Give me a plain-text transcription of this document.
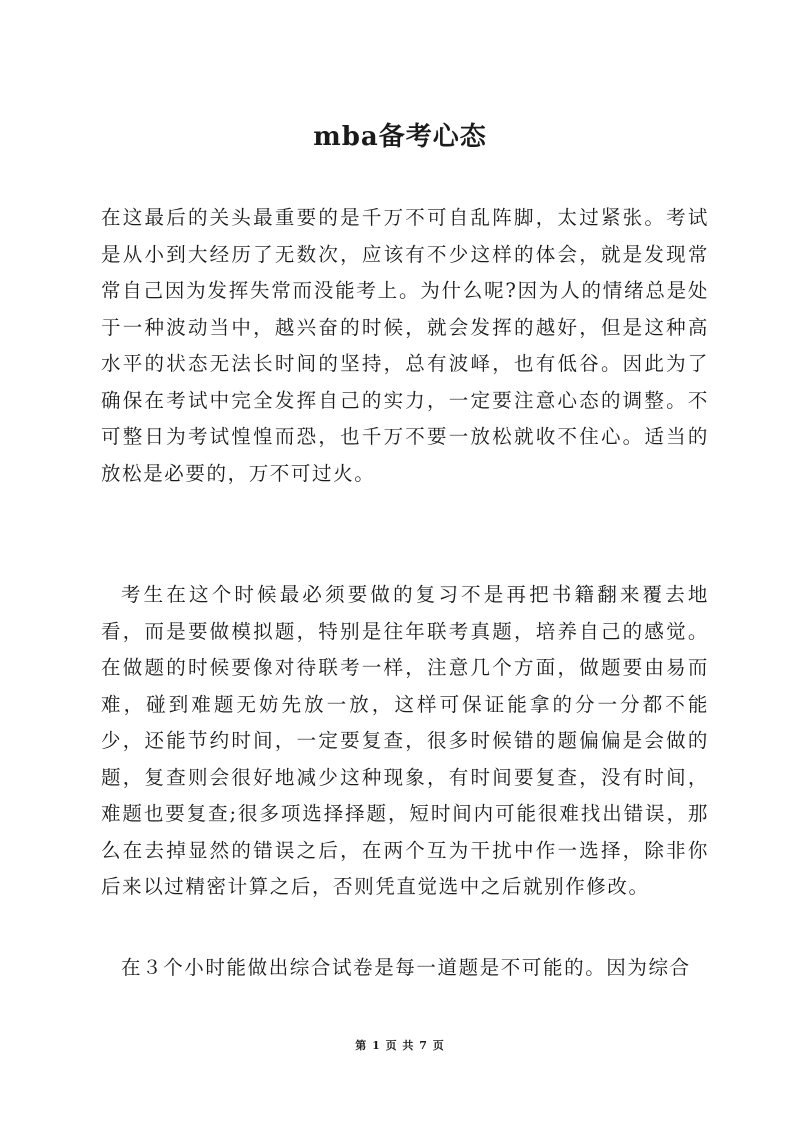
mba备考心态

在这最后的关头最重要的是千万不可自乱阵脚，太过紧张。考试是从小到大经历了无数次，应该有不少这样的体会，就是发现常常自己因为发挥失常而没能考上。为什么呢?因为人的情绪总是处于一种波动当中，越兴奋的时候，就会发挥的越好，但是这种高水平的状态无法长时间的坚持，总有波峄，也有低谷。因此为了确保在考试中完全发挥自己的实力，一定要注意心态的调整。不可整日为考试惶惶而恐，也千万不要一放松就收不住心。适当的放松是必要的，万不可过火。

考生在这个时候最必须要做的复习不是再把书籍翻来覆去地看，而是要做模拟题，特别是往年联考真题，培养自己的感觉。在做题的时候要像对待联考一样，注意几个方面，做题要由易而难，碰到难题无妨先放一放，这样可保证能拿的分一分都不能少，还能节约时间，一定要复查，很多时候错的题偏偏是会做的题，复查则会很好地减少这种现象，有时间要复查，没有时间，难题也要复查;很多项选择择题，短时间内可能很难找出错误，那么在去掉显然的错误之后，在两个互为干扰中作一选择，除非你后来以过精密计算之后，否则凭直觉选中之后就别作修改。

在３个小时能做出综合试卷是每一道题是不可能的。因为综合

第 1 页 共 7 页
